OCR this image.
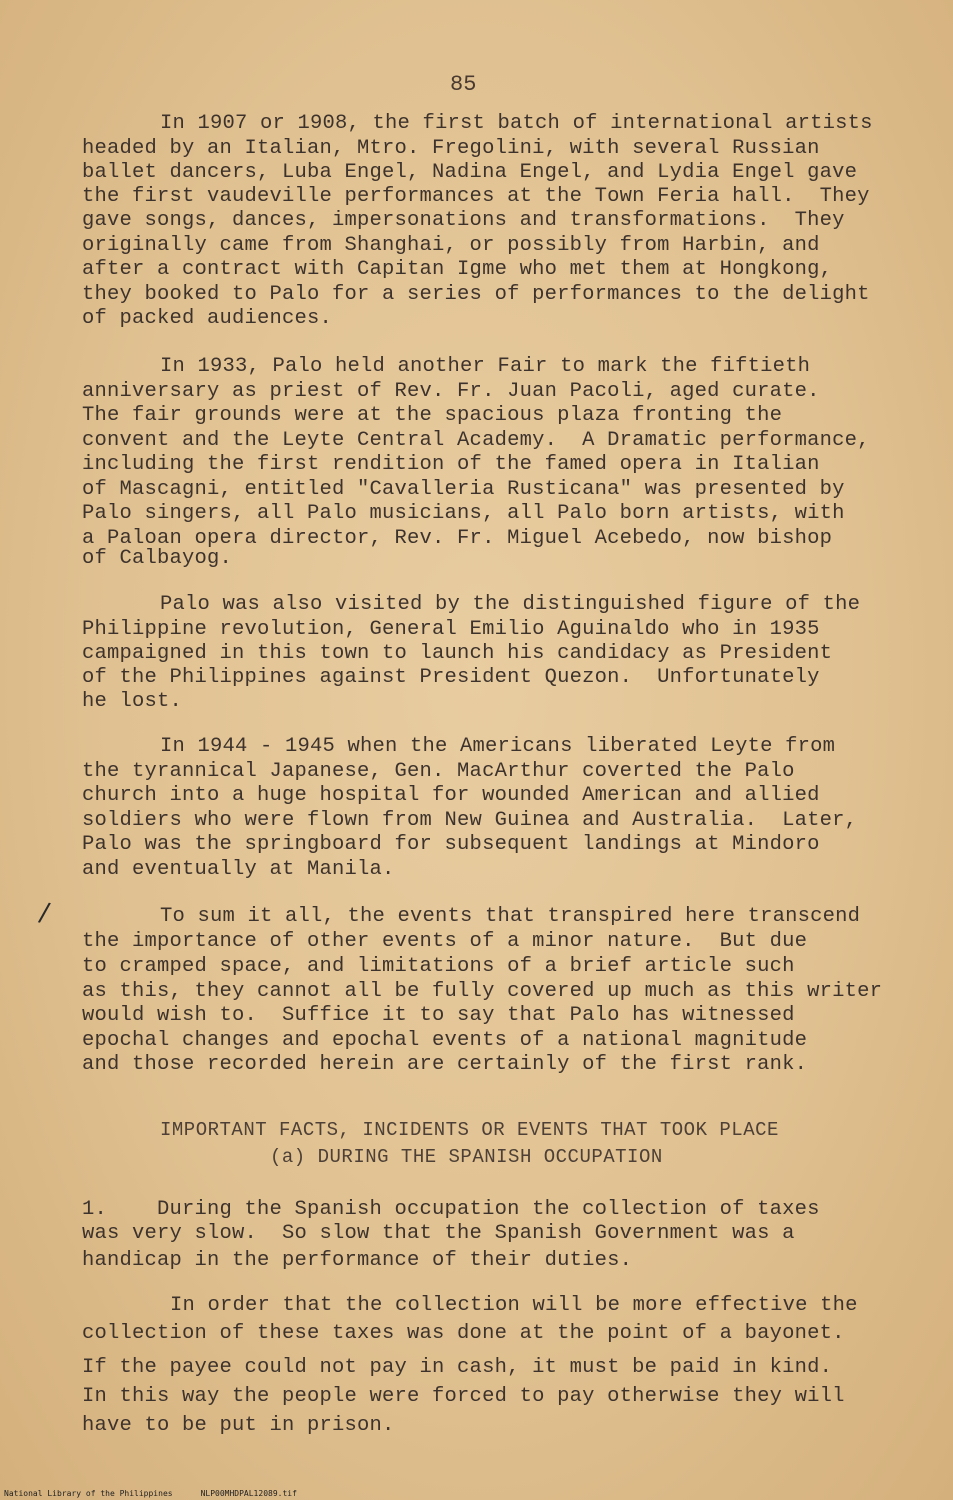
85

In 1907 or 1908, the first batch of international artists

headed by an Italian, Mtro. Fregolini, with several Russian

ballet dancers, Luba Engel, Nadina Engel, and Lydia Engel gave

the first vaudeville performances at the Town Feria hall.  They

gave songs, dances, impersonations and transformations.  They

originally came from Shanghai, or possibly from Harbin, and

after a contract with Capitan Igme who met them at Hongkong,

they booked to Palo for a series of performances to the delight

of packed audiences.

In 1933, Palo held another Fair to mark the fiftieth

anniversary as priest of Rev. Fr. Juan Pacoli, aged curate.

The fair grounds were at the spacious plaza fronting the

convent and the Leyte Central Academy.  A Dramatic performance,

including the first rendition of the famed opera in Italian

of Mascagni, entitled "Cavalleria Rusticana" was presented by

Palo singers, all Palo musicians, all Palo born artists, with

a Paloan opera director, Rev. Fr. Miguel Acebedo, now bishop

of Calbayog.

Palo was also visited by the distinguished figure of the

Philippine revolution, General Emilio Aguinaldo who in 1935

campaigned in this town to launch his candidacy as President

of the Philippines against President Quezon.  Unfortunately

he lost.

In 1944 - 1945 when the Americans liberated Leyte from

the tyrannical Japanese, Gen. MacArthur coverted the Palo

church into a huge hospital for wounded American and allied

soldiers who were flown from New Guinea and Australia.  Later,

Palo was the springboard for subsequent landings at Mindoro

and eventually at Manila.

/	To sum it all, the events that transpired here transcend

the importance of other events of a minor nature.  But due

to cramped space, and limitations of a brief article such

as this, they cannot all be fully covered up much as this writer

would wish to.  Suffice it to say that Palo has witnessed

epochal changes and epochal events of a national magnitude

and those recorded herein are certainly of the first rank.

IMPORTANT FACTS, INCIDENTS OR EVENTS THAT TOOK PLACE

(a) DURING THE SPANISH OCCUPATION

1.    During the Spanish occupation the collection of taxes

was very slow.  So slow that the Spanish Government was a

handicap in the performance of their duties.

In order that the collection will be more effective the

collection of these taxes was done at the point of a bayonet.

If the payee could not pay in cash, it must be paid in kind.

In this way the people were forced to pay otherwise they will

have to be put in prison.

National Library of the Philippines	NLP00MHDPAL12089.tif
